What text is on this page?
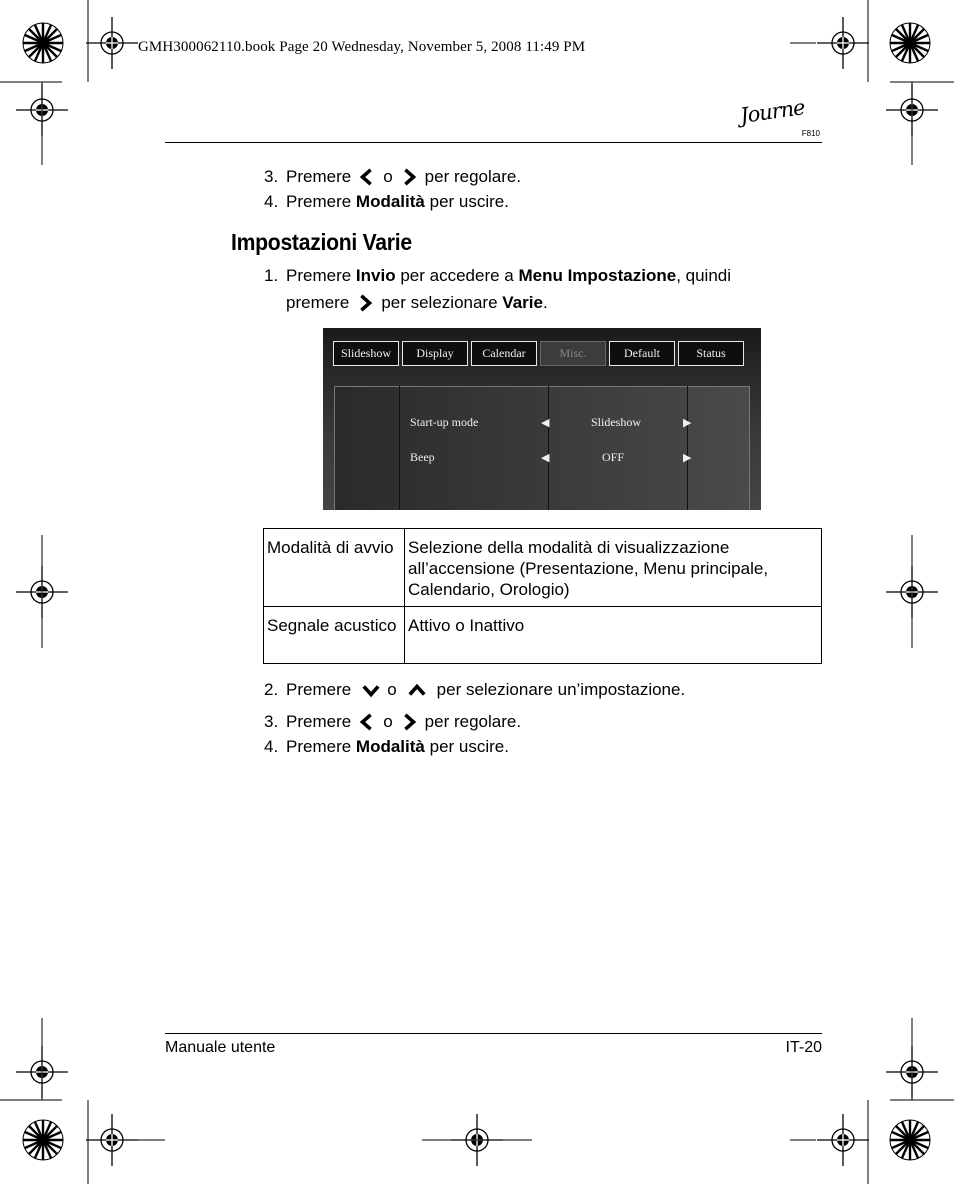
GMH300062110.book Page 20 Wednesday, November 5, 2008 11:49 PM
Journe
F810
3. Premere o per regolare.
4. Premere
Modalità
per uscire.
Impostazioni Varie
1. Premere
Invio
per accedere a
Menu Impostazione , quindi
premere per selezionare
Varie .
Slideshow	Display	Calendar	Misc.	Default	Status
Start-up mode	◀	Slideshow	▶
Beep	◀	OFF	▶
Modalità di avvio	Selezione della modalità di visualizzazione all’accensione (Presentazione, Menu principale, Calendario, Orologio)
Segnale acustico	Attivo o Inattivo
2. Premere o per selezionare un’impostazione.
3. Premere o per regolare.
4. Premere
Modalità
per uscire.
Manuale utente	IT-20
